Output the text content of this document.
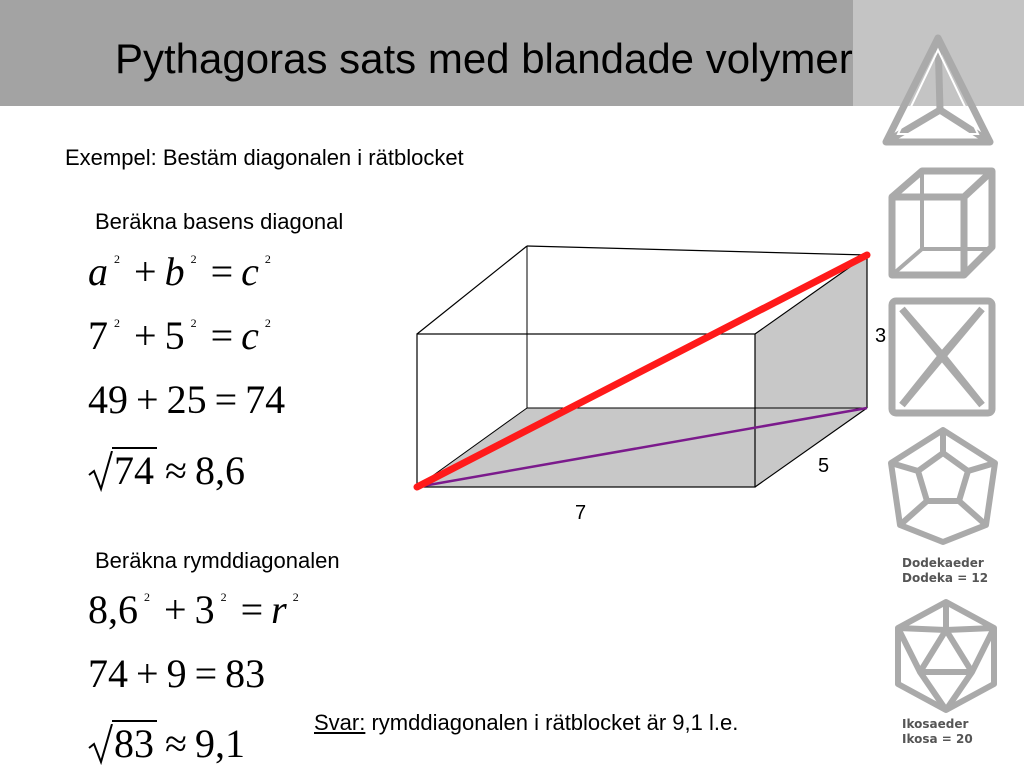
Pythagoras sats med blandade volymer
Exempel: Bestäm diagonalen i rätblocket
Beräkna basens diagonal
a $^2$ + b $^2$ = c $^2$
7 $^2$ + 5 $^2$ = c $^2$
49 + 25 = 74
74 ≈ 8,6
3
5
7
Beräkna rymddiagonalen
8,6 $^2$ + 3 $^2$ = r $^2$
74 + 9 = 83
83 ≈ 9,1	Svar: rymddiagonalen i rätblocket är 9,1 l.e.
Dodekaeder
Dodeka = 12
Ikosaeder
Ikosa = 20
